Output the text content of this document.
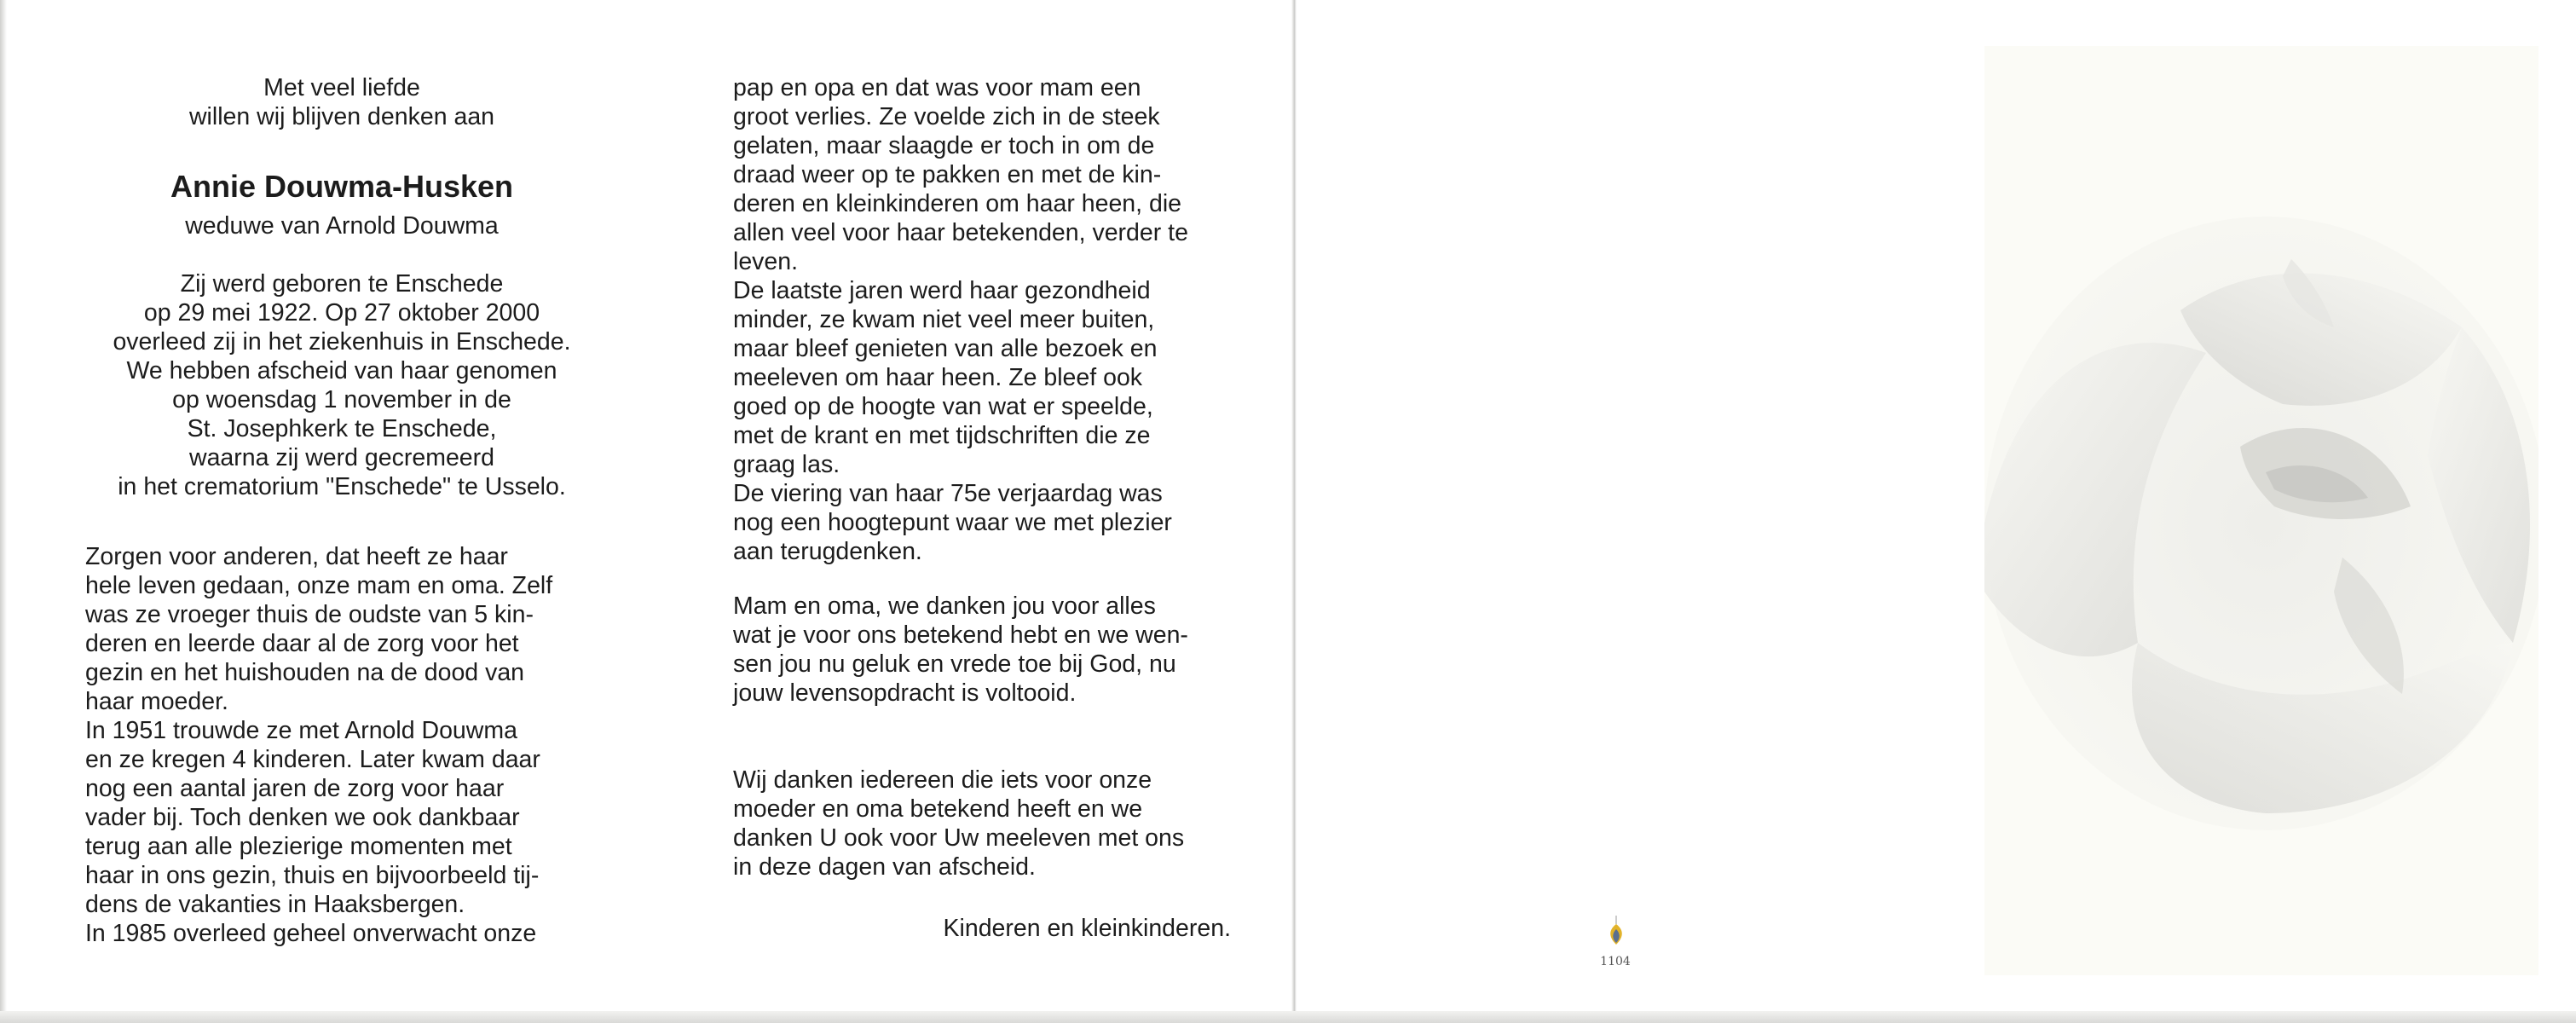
Met veel liefde
willen wij blijven denken aan
Annie Douwma-Husken
weduwe van Arnold Douwma
Zij werd geboren te Enschede
op 29 mei 1922. Op 27 oktober 2000
overleed zij in het ziekenhuis in Enschede.
We hebben afscheid van haar genomen
op woensdag 1 november in de
St. Josephkerk te Enschede,
waarna zij werd gecremeerd
in het crematorium "Enschede" te Usselo.

Zorgen voor anderen, dat heeft ze haar
hele leven gedaan, onze mam en oma. Zelf
was ze vroeger thuis de oudste van 5 kin-
deren en leerde daar al de zorg voor het
gezin en het huishouden na de dood van
haar moeder.

In 1951 trouwde ze met Arnold Douwma
en ze kregen 4 kinderen. Later kwam daar
nog een aantal jaren de zorg voor haar
vader bij. Toch denken we ook dankbaar
terug aan alle plezierige momenten met
haar in ons gezin, thuis en bijvoorbeeld tij-
dens de vakanties in Haaksbergen.

In 1985 overleed geheel onverwacht onze

pap en opa en dat was voor mam een
groot verlies. Ze voelde zich in de steek
gelaten, maar slaagde er toch in om de
draad weer op te pakken en met de kin-
deren en kleinkinderen om haar heen, die
allen veel voor haar betekenden, verder te
leven.

De laatste jaren werd haar gezondheid
minder, ze kwam niet veel meer buiten,
maar bleef genieten van alle bezoek en
meeleven om haar heen. Ze bleef ook
goed op de hoogte van wat er speelde,
met de krant en met tijdschriften die ze
graag las.

De viering van haar 75e verjaardag was
nog een hoogtepunt waar we met plezier
aan terugdenken.

Mam en oma, we danken jou voor alles
wat je voor ons betekend hebt en we wen-
sen jou nu geluk en vrede toe bij God, nu
jouw levensopdracht is voltooid.
Wij danken iedereen die iets voor onze
moeder en oma betekend heeft en we
danken U ook voor Uw meeleven met ons
in deze dagen van afscheid.
Kinderen en kleinkinderen.
1104
